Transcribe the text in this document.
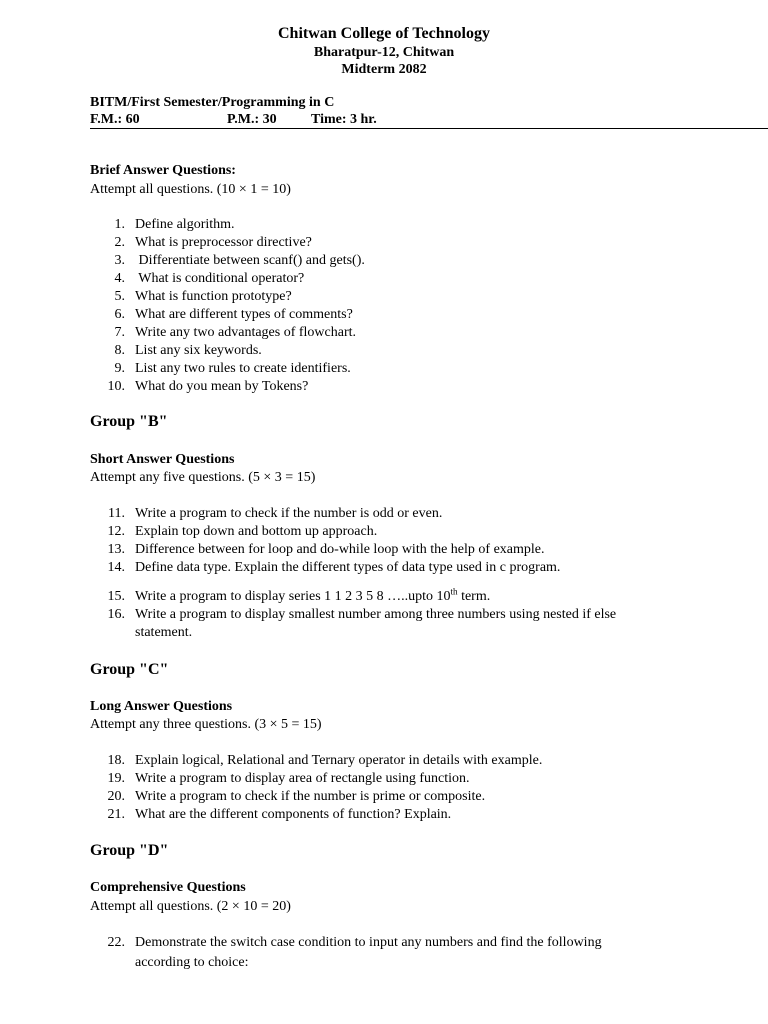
Chitwan College of Technology
Bharatpur-12, Chitwan
Midterm 2082
BITM/First Semester/Programming in C
F.M.: 60	P.M.: 30 Time: 3 hr.
Brief Answer Questions:
Attempt all questions. (10 × 1 = 10)
1. Define algorithm.
2. What is preprocessor directive?
3. Differentiate between scanf() and gets().
4. What is conditional operator?
5. What is function prototype?
6. What are different types of comments?
7. Write any two advantages of flowchart.
8. List any six keywords.
9. List any two rules to create identifiers.
10. What do you mean by Tokens?
Group "B"
Short Answer Questions
Attempt any five questions. (5 × 3 = 15)
11. Write a program to check if the number is odd or even.
12. Explain top down and bottom up approach.
13. Difference between for loop and do-while loop with the help of example.
14. Define data type. Explain the different types of data type used in c program.
15. Write a program to display series 1 1 2 3 5 8 …..upto 10th term.
16. Write a program to display smallest number among three numbers using nested if else
statement.
Group "C"
Long Answer Questions
Attempt any three questions. (3 × 5 = 15)
18. Explain logical, Relational and Ternary operator in details with example.
19. Write a program to display area of rectangle using function.
20. Write a program to check if the number is prime or composite.
21. What are the different components of function? Explain.
Group "D"
Comprehensive Questions
Attempt all questions. (2 × 10 = 20)
22. Demonstrate the switch case condition to input any numbers and find the following
according to choice:
